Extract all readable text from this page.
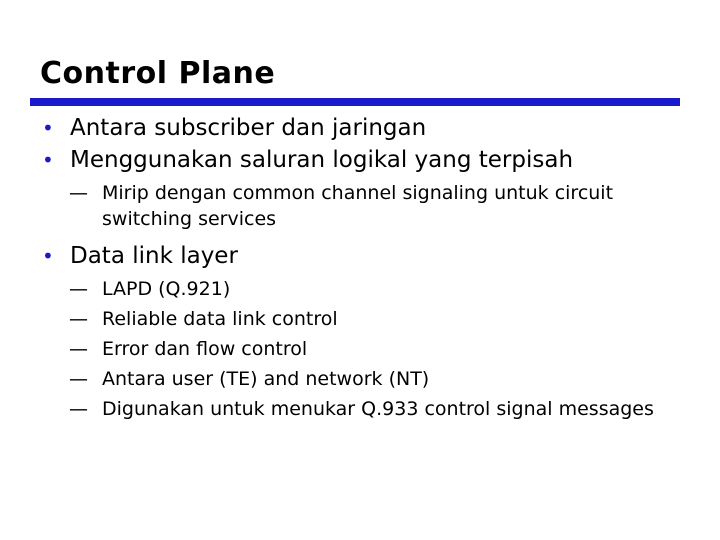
Control Plane
• Antara subscriber dan jaringan
• Menggunakan saluran logikal yang terpisah
— Mirip dengan common channel signaling untuk circuit switching services
• Data link layer
— LAPD (Q.921)
— Reliable data link control
— Error dan flow control
— Antara user (TE) and network (NT)
— Digunakan untuk menukar Q.933 control signal messages
